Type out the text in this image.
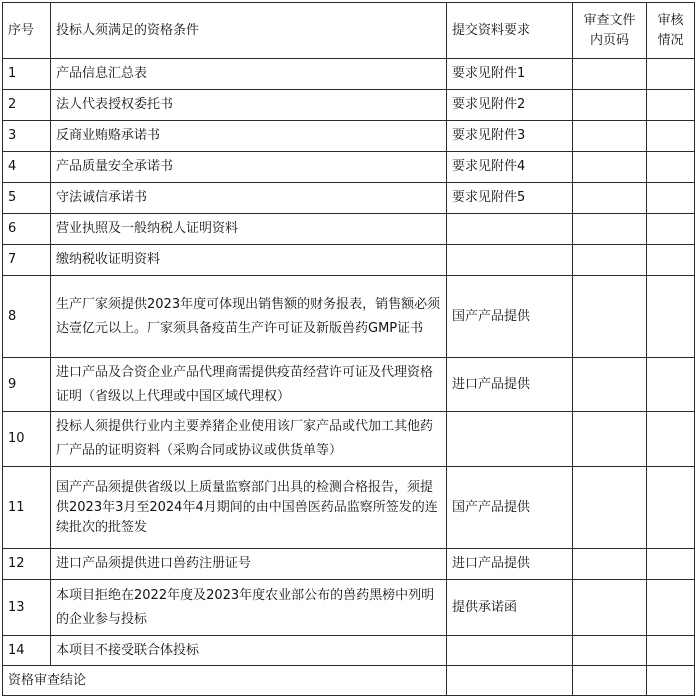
序号	投标人须满足的资格条件	提交资料要求	审查文件内页码	审核情况
1	产品信息汇总表	要求见附件1		
2	法人代表授权委托书	要求见附件2		
3	反商业贿赂承诺书	要求见附件3		
4	产品质量安全承诺书	要求见附件4		
5	守法诚信承诺书	要求见附件5		
6	营业执照及一般纳税人证明资料			
7	缴纳税收证明资料			
8	生产厂家须提供2023年度可体现出销售额的财务报表，销售额必须达壹亿元以上。厂家须具备疫苗生产许可证及新版兽药GMP证书	国产产品提供		
9	进口产品及合资企业产品代理商需提供疫苗经营许可证及代理资格证明（省级以上代理或中国区域代理权）	进口产品提供		
10	投标人须提供行业内主要养猪企业使用该厂家产品或代加工其他药厂产品的证明资料（采购合同或协议或供货单等）			
11	国产产品须提供省级以上质量监察部门出具的检测合格报告，须提供2023年3月至2024年4月期间的由中国兽医药品监察所签发的连续批次的批签发	国产产品提供		
12	进口产品须提供进口兽药注册证号	进口产品提供		
13	本项目拒绝在2022年度及2023年度农业部公布的兽药黑榜中列明的企业参与投标	提供承诺函		
14	本项目不接受联合体投标			
资格审查结论				
